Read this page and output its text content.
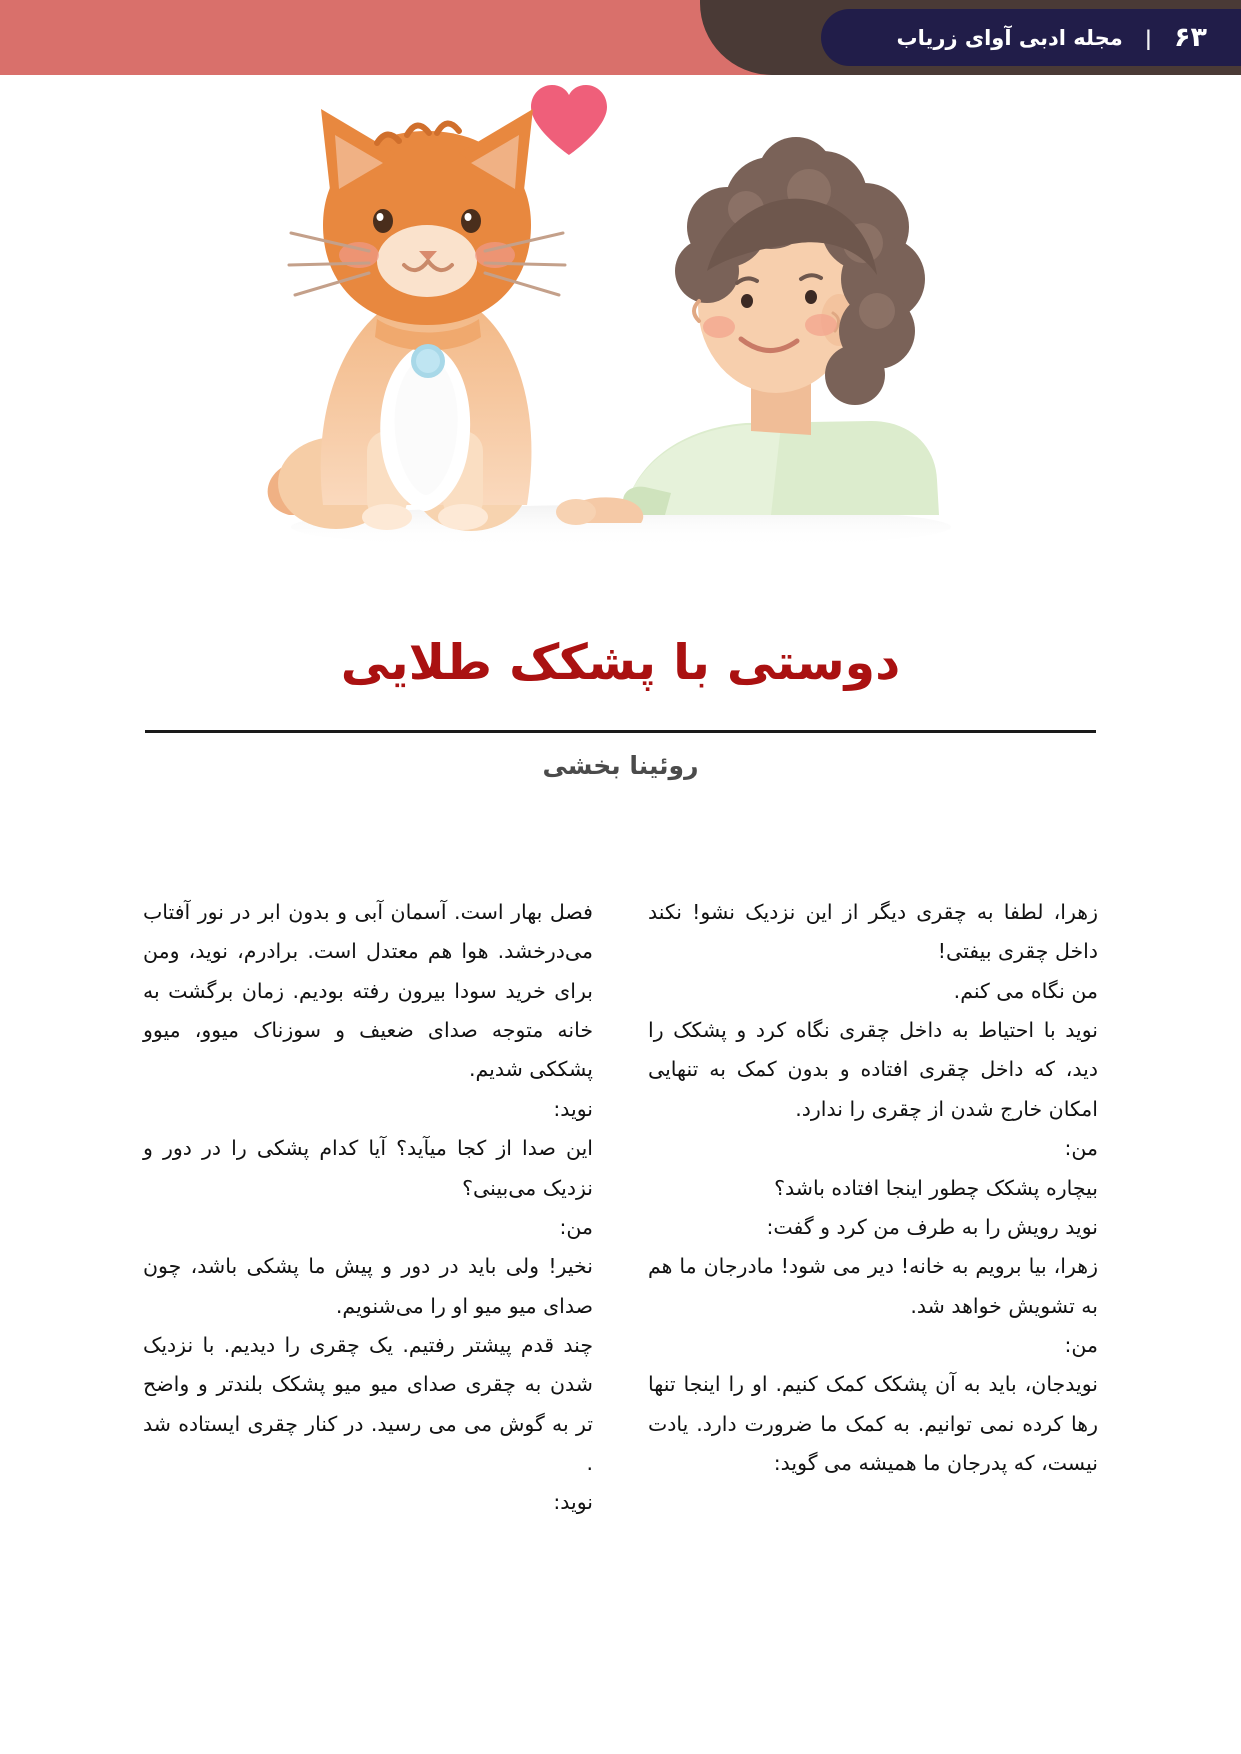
۶۳
|
مجله ادبی آوای زریاب
دوستی با پشکک طلایی

روئینا بخشی

زهرا، لطفا به چقری دیگر از این نزدیک نشو! نکند داخل چقری بیفتی!

من نگاه می کنم.

نوید با احتیاط به داخل چقری نگاه کرد و پشکک را دید، که داخل چقری افتاده و بدون کمک به تنهایی امکان خارج شدن از چقری را ندارد.

من:

بیچاره پشکک چطور اینجا افتاده باشد؟

نوید رویش را به طرف من کرد و گفت:

زهرا، بیا برویم به خانه! دیر می شود! مادرجان ما هم به تشویش خواهد شد.

من:

نویدجان، باید به آن پشکک کمک کنیم. او را اینجا تنها رها کرده نمی توانیم. به کمک ما ضرورت دارد. یادت نیست، که پدرجان ما همیشه می گوید:

فصل بهار است. آسمان آبی و بدون ابر در نور آفتاب می‌درخشد. هوا هم معتدل است. برادرم، نوید، ومن برای خرید سودا بیرون رفته بودیم. زمان برگشت به خانه متوجه صدای ضعیف و سوزناک میوو، میوو پشککی شدیم.

نوید:

این صدا از کجا میآید؟ آیا کدام پشکی را در دور و نزدیک می‌بینی؟

من:

نخیر! ولی باید در دور و پیش ما پشکی باشد، چون صدای میو میو او را می‌شنویم.

چند قدم پیشتر رفتیم. یک چقری را دیدیم. با نزدیک شدن به چقری صدای میو میو پشکک بلندتر و واضح تر به گوش می می رسید. در کنار چقری ایستاده شد .

نوید:
